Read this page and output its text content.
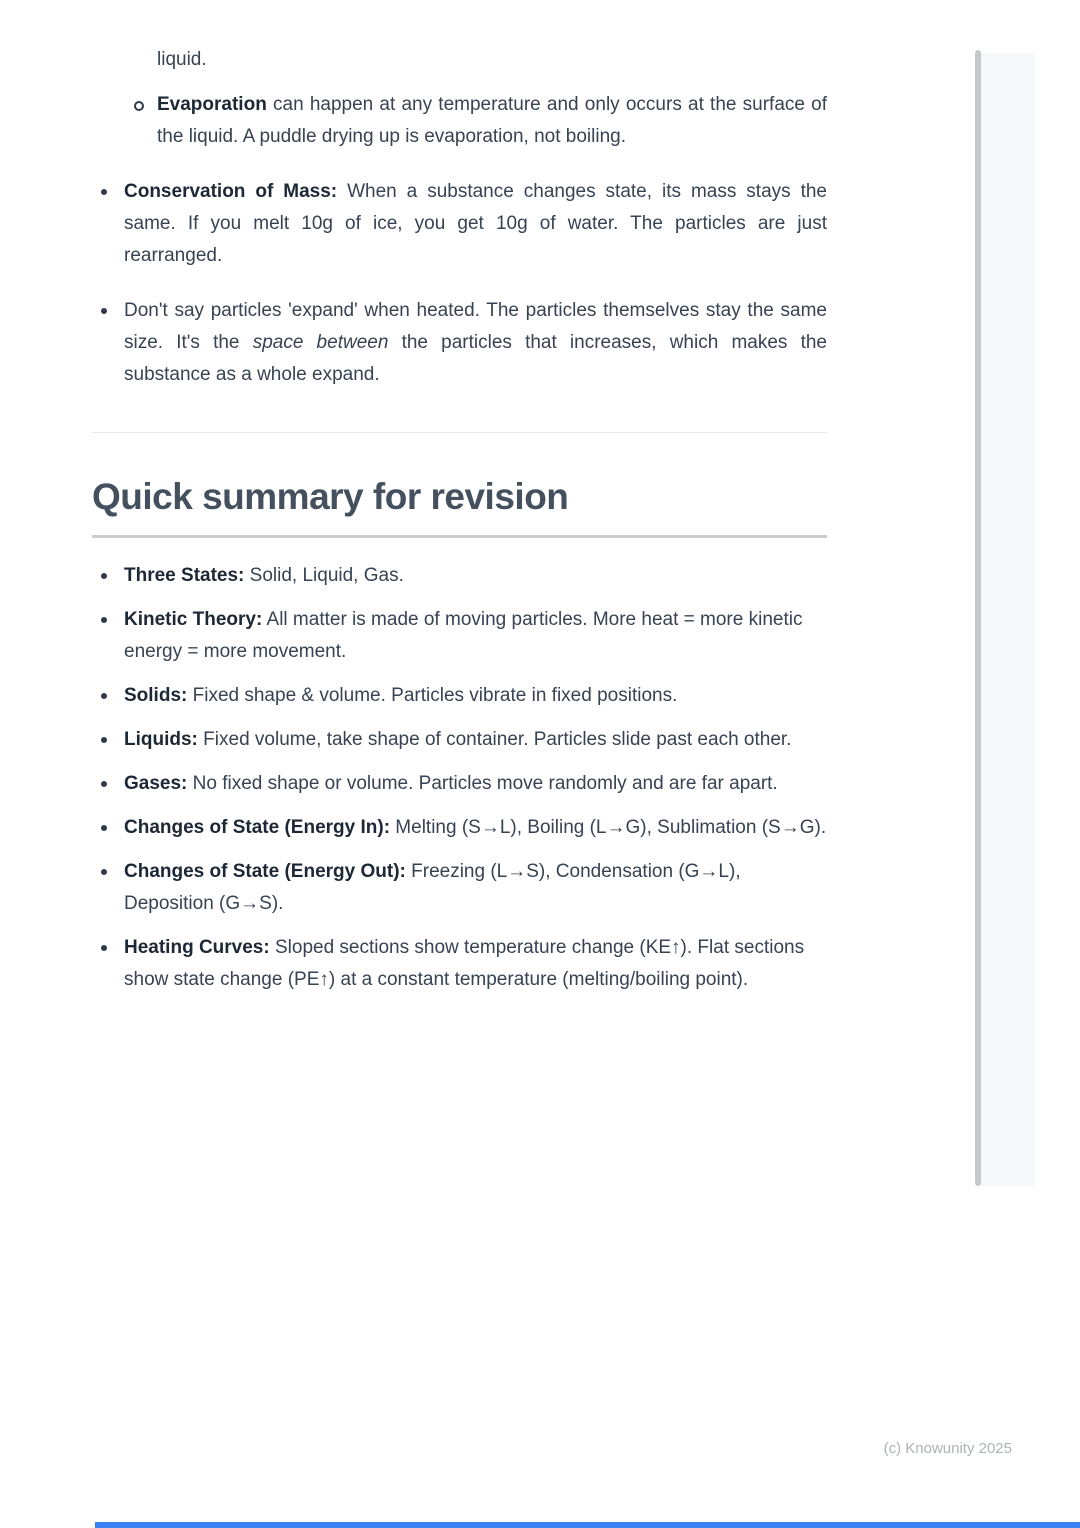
liquid.
Evaporation can happen at any temperature and only occurs at the surface of the liquid. A puddle drying up is evaporation, not boiling.
Conservation of Mass: When a substance changes state, its mass stays the same. If you melt 10g of ice, you get 10g of water. The particles are just rearranged.
Don't say particles 'expand' when heated. The particles themselves stay the same size. It's the space between the particles that increases, which makes the substance as a whole expand.
Quick summary for revision
Three States: Solid, Liquid, Gas.
Kinetic Theory: All matter is made of moving particles. More heat = more kinetic energy = more movement.
Solids: Fixed shape & volume. Particles vibrate in fixed positions.
Liquids: Fixed volume, take shape of container. Particles slide past each other.
Gases: No fixed shape or volume. Particles move randomly and are far apart.
Changes of State (Energy In): Melting (S→L), Boiling (L→G), Sublimation (S→G).
Changes of State (Energy Out): Freezing (L→S), Condensation (G→L), Deposition (G→S).
Heating Curves: Sloped sections show temperature change (KE↑). Flat sections show state change (PE↑) at a constant temperature (melting/boiling point).
(c) Knowunity 2025
